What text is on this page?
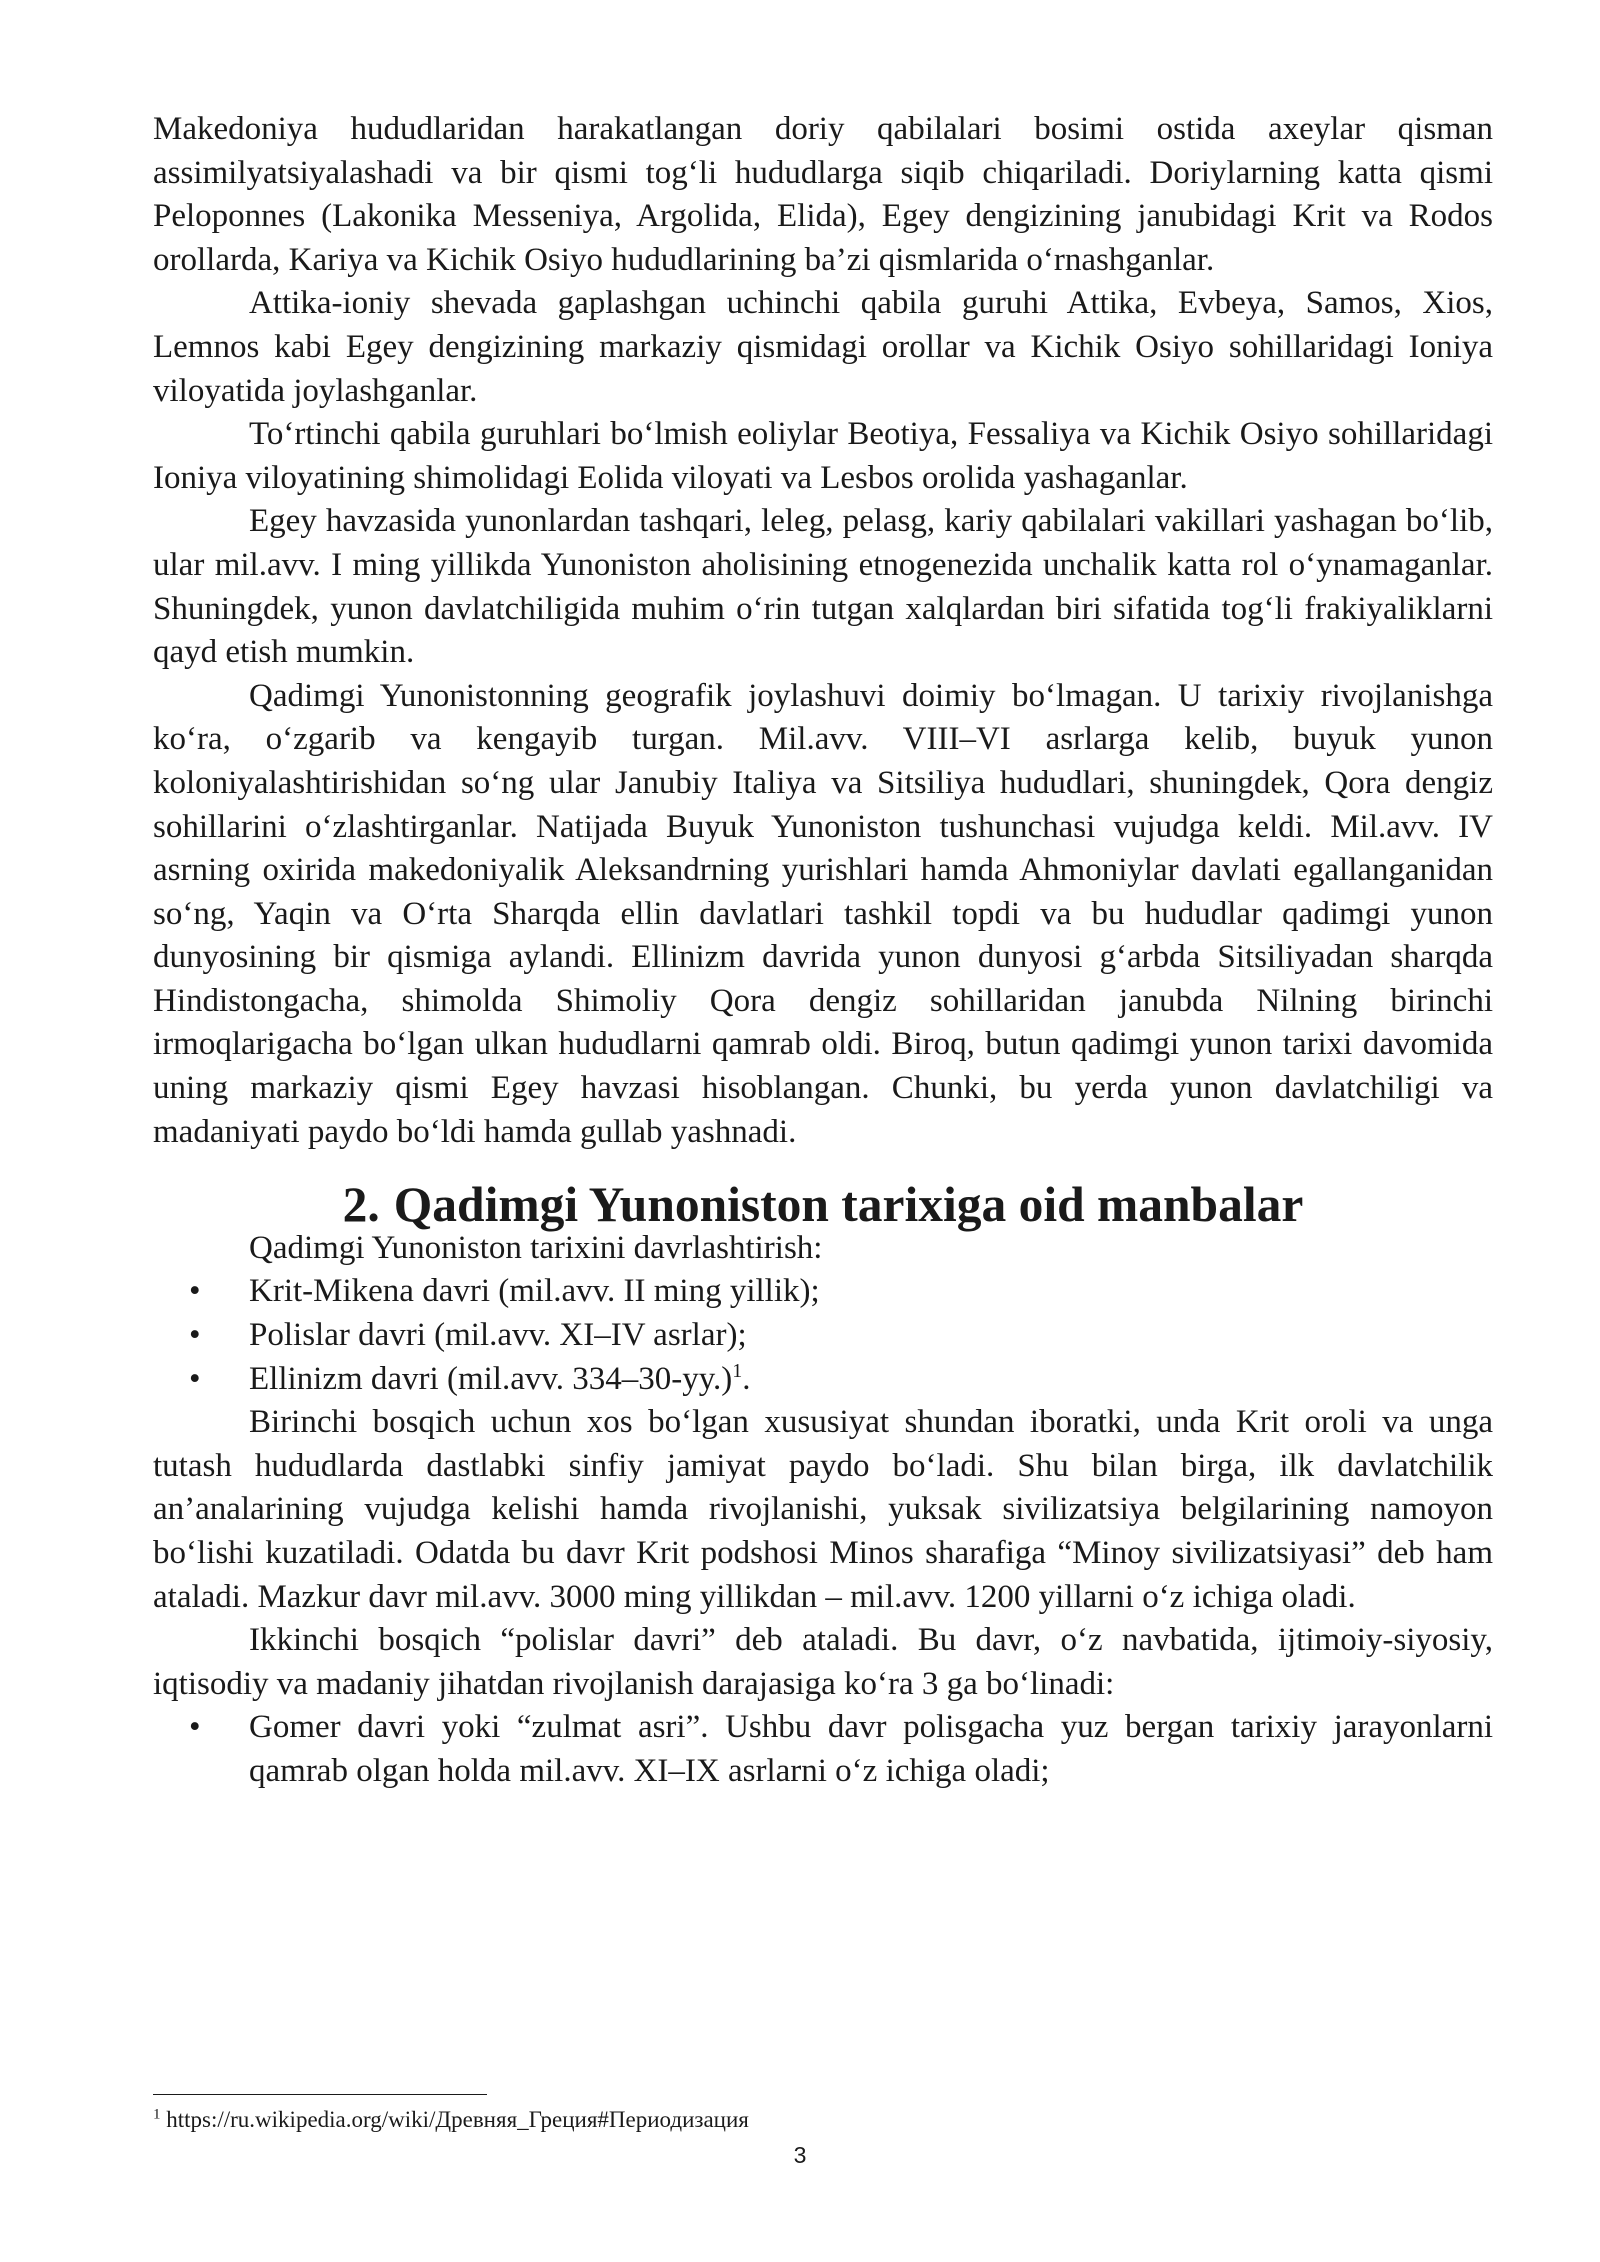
Makedoniya hududlaridan harakatlangan doriy qabilalari bosimi ostida axeylar qisman assimilyatsiyalashadi va bir qismi tog‘li hududlarga siqib chiqariladi. Doriylarning katta qismi Peloponnes (Lakonika Messeniya, Argolida, Elida), Egey dengizining janubidagi Krit va Rodos orollarda, Kariya va Kichik Osiyo hududlarining ba’zi qismlarida o‘rnashganlar.

Attika-ioniy shevada gaplashgan uchinchi qabila guruhi Attika, Evbeya, Samos, Xios, Lemnos kabi Egey dengizining markaziy qismidagi orollar va Kichik Osiyo sohillaridagi Ioniya viloyatida joylashganlar.

To‘rtinchi qabila guruhlari bo‘lmish eoliylar Beotiya, Fessaliya va Kichik Osiyo sohillaridagi Ioniya viloyatining shimolidagi Eolida viloyati va Lesbos orolida yashaganlar.

Egey havzasida yunonlardan tashqari, leleg, pelasg, kariy qabilalari vakillari yashagan bo‘lib, ular mil.avv. I ming yillikda Yunoniston aholisining etnogenezida unchalik katta rol o‘ynamaganlar. Shuningdek, yunon davlatchiligida muhim o‘rin tutgan xalqlardan biri sifatida tog‘li frakiyaliklarni qayd etish mumkin.

Qadimgi Yunonistonning geografik joylashuvi doimiy bo‘lmagan. U tarixiy rivojlanishga ko‘ra, o‘zgarib va kengayib turgan. Mil.avv. VIII–VI asrlarga kelib, buyuk yunon koloniyalashtirishidan so‘ng ular Janubiy Italiya va Sitsiliya hududlari, shuningdek, Qora dengiz sohillarini o‘zlashtirganlar. Natijada Buyuk Yunoniston tushunchasi vujudga keldi. Mil.avv. IV asrning oxirida makedoniyalik Aleksandrning yurishlari hamda Ahmoniylar davlati egallanganidan so‘ng, Yaqin va O‘rta Sharqda ellin davlatlari tashkil topdi va bu hududlar qadimgi yunon dunyosining bir qismiga aylandi. Ellinizm davrida yunon dunyosi g‘arbda Sitsiliyadan sharqda Hindistongacha, shimolda Shimoliy Qora dengiz sohillaridan janubda Nilning birinchi irmoqlarigacha bo‘lgan ulkan hududlarni qamrab oldi. Biroq, butun qadimgi yunon tarixi davomida uning markaziy qismi Egey havzasi hisoblangan. Chunki, bu yerda yunon davlatchiligi va madaniyati paydo bo‘ldi hamda gullab yashnadi.

2. Qadimgi Yunoniston tarixiga oid manbalar

Qadimgi Yunoniston tarixini davrlashtirish:

• Krit-Mikena davri (mil.avv. II ming yillik);
• Polislar davri (mil.avv. XI–IV asrlar);
• Ellinizm davri (mil.avv. 334–30-yy.)$^1$.

Birinchi bosqich uchun xos bo‘lgan xususiyat shundan iboratki, unda Krit oroli va unga tutash hududlarda dastlabki sinfiy jamiyat paydo bo‘ladi. Shu bilan birga, ilk davlatchilik an’analarining vujudga kelishi hamda rivojlanishi, yuksak sivilizatsiya belgilarining namoyon bo‘lishi kuzatiladi. Odatda bu davr Krit podshosi Minos sharafiga “Minoy sivilizatsiyasi” deb ham ataladi. Mazkur davr mil.avv. 3000 ming yillikdan – mil.avv. 1200 yillarni o‘z ichiga oladi.

Ikkinchi bosqich “polislar davri” deb ataladi. Bu davr, o‘z navbatida, ijtimoiy-siyosiy, iqtisodiy va madaniy jihatdan rivojlanish darajasiga ko‘ra 3 ga bo‘linadi:

• Gomer davri yoki “zulmat asri”. Ushbu davr polisgacha yuz bergan tarixiy jarayonlarni qamrab olgan holda mil.avv. XI–IX asrlarni o‘z ichiga oladi;
$^1$ https://ru.wikipedia.org/wiki/Древняя_Греция#Периодизация
3
